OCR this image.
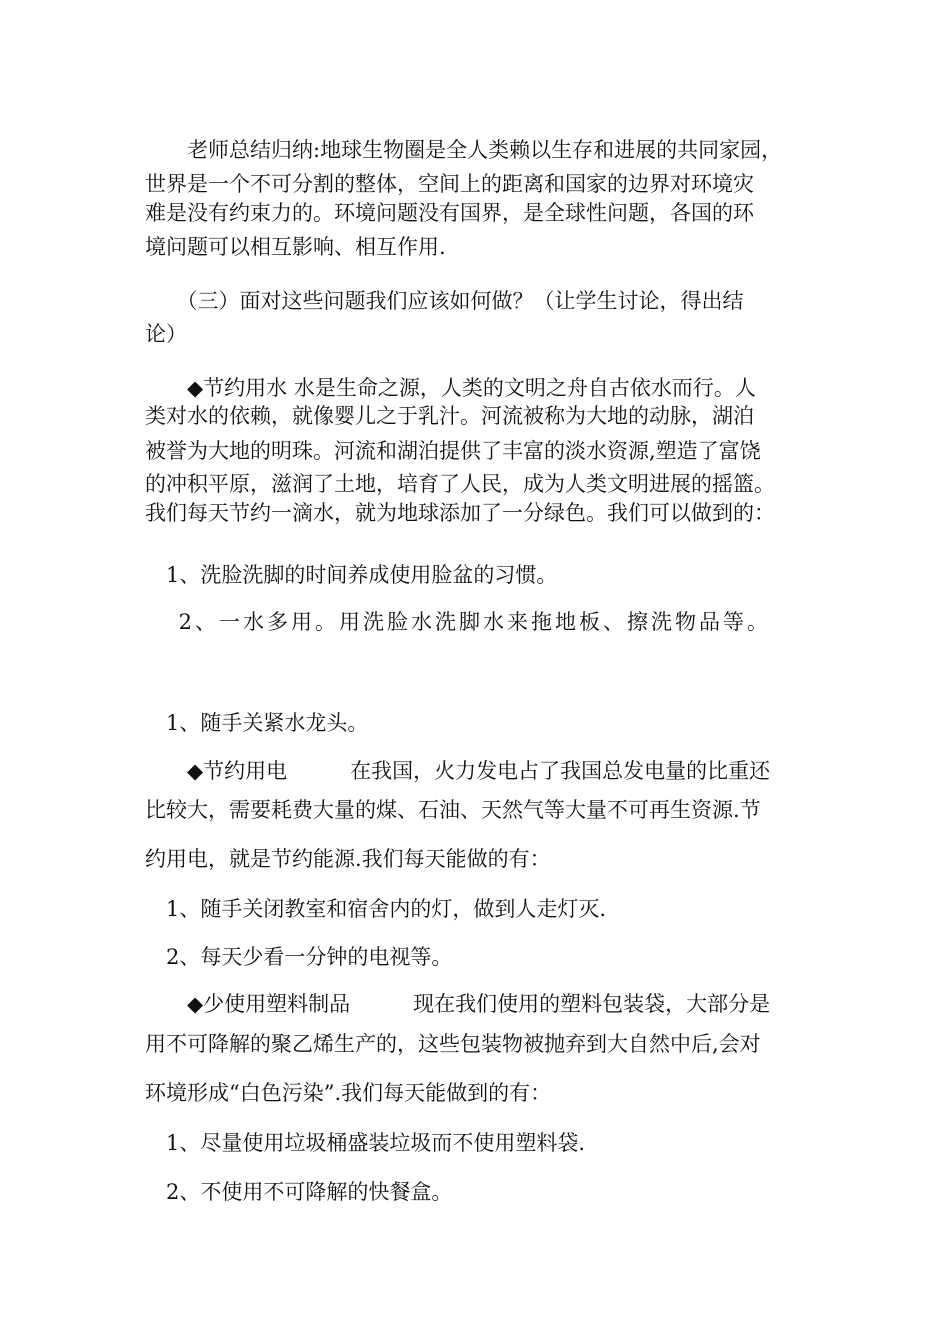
　　老师总结归纳:地球生物圈是全人类赖以生存和进展的共同家园，
世界是一个不可分割的整体，空间上的距离和国家的边界对环境灾
难是没有约束力的。环境问题没有国界，是全球性问题，各国的环
境问题可以相互影响、相互作用.
　　（三）面对这些问题我们应该如何做？（让学生讨论，得出结
论）
　　◆节约用水 水是生命之源，人类的文明之舟自古依水而行。人
类对水的依赖，就像婴儿之于乳汁。河流被称为大地的动脉，湖泊
被誉为大地的明珠。河流和湖泊提供了丰富的淡水资源,塑造了富饶
的冲积平原，滋润了土地，培育了人民，成为人类文明进展的摇篮。
我们每天节约一滴水，就为地球添加了一分绿色。我们可以做到的：
　1、洗脸洗脚的时间养成使用脸盆的习惯。
　 2、一水多用。用洗脸水洗脚水来拖地板、擦洗物品等。
　1、随手关紧水龙头。
　　◆节约用电　　　在我国，火力发电占了我国总发电量的比重还
比较大，需要耗费大量的煤、石油、天然气等大量不可再生资源.节
约用电，就是节约能源.我们每天能做的有：
　1、随手关闭教室和宿舍内的灯，做到人走灯灭.
　2、每天少看一分钟的电视等。
　　◆少使用塑料制品　　　现在我们使用的塑料包装袋，大部分是
用不可降解的聚乙烯生产的，这些包装物被抛弃到大自然中后,会对
环境形成“白色污染”.我们每天能做到的有：
　1、尽量使用垃圾桶盛装垃圾而不使用塑料袋.
　2、不使用不可降解的快餐盒。
